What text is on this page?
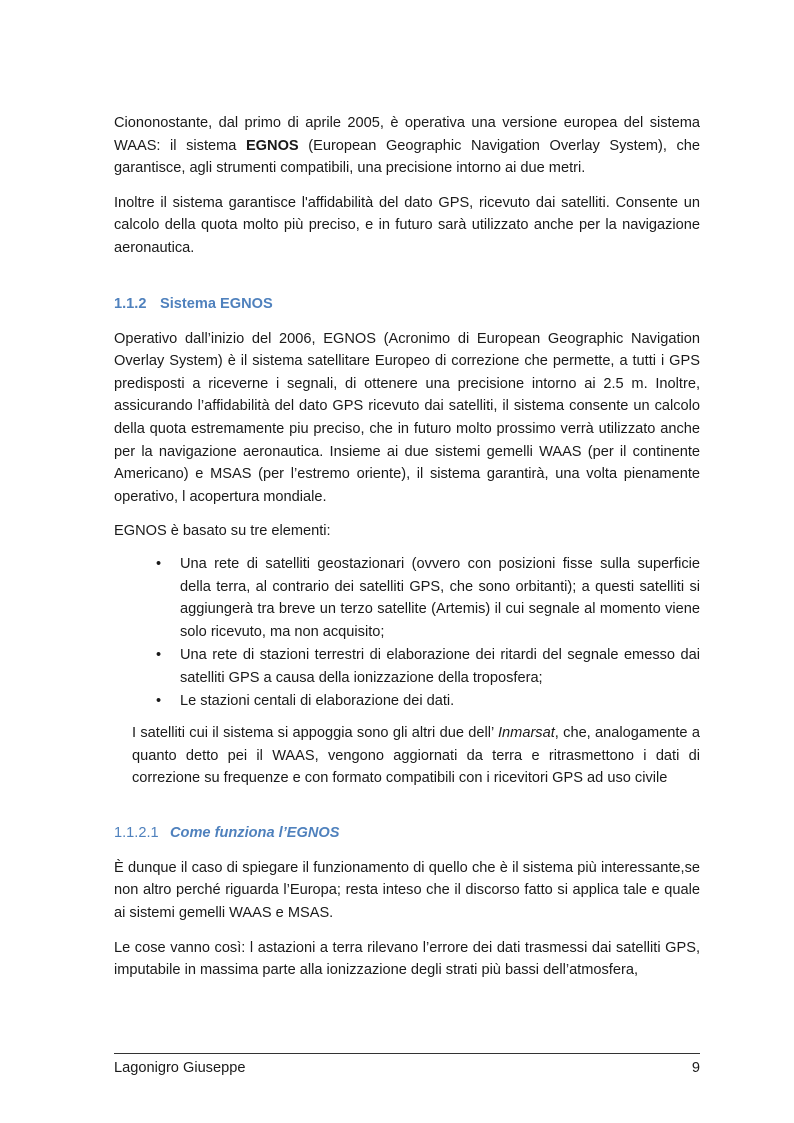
Ciononostante, dal primo di aprile 2005, è operativa una versione europea del sistema WAAS: il sistema EGNOS (European Geographic Navigation Overlay System), che garantisce, agli strumenti compatibili, una precisione intorno ai due metri.

Inoltre il sistema garantisce l'affidabilità del dato GPS, ricevuto dai satelliti. Consente un calcolo della quota molto più preciso, e in futuro sarà utilizzato anche per la navigazione aeronautica.

1.1.2 Sistema EGNOS

Operativo dall’inizio del 2006, EGNOS (Acronimo di European Geographic Navigation Overlay System) è il sistema satellitare Europeo di correzione che permette, a tutti i GPS predisposti a riceverne i segnali, di ottenere una precisione intorno ai 2.5 m. Inoltre, assicurando l’affidabilità del dato GPS ricevuto dai satelliti, il sistema consente un calcolo della quota estremamente piu preciso, che in futuro molto prossimo verrà utilizzato anche per la navigazione aeronautica. Insieme ai due sistemi gemelli WAAS (per il continente Americano) e MSAS (per l’estremo oriente), il sistema garantirà, una volta pienamente operativo, l acopertura mondiale.

EGNOS è basato su tre elementi:

• Una rete di satelliti geostazionari (ovvero con posizioni fisse sulla superficie della terra, al contrario dei satelliti GPS, che sono orbitanti); a questi satelliti si aggiungerà tra breve un terzo satellite (Artemis) il cui segnale al momento viene solo ricevuto, ma non acquisito;
• Una rete di stazioni terrestri di elaborazione dei ritardi del segnale emesso dai satelliti GPS a causa della ionizzazione della troposfera;
• Le stazioni centali di elaborazione dei dati.

I satelliti cui il sistema si appoggia sono gli altri due dell’ Inmarsat, che, analogamente a quanto detto pei il WAAS, vengono aggiornati da terra e ritrasmettono i dati di correzione su frequenze e con formato compatibili con i ricevitori GPS ad uso civile

1.1.2.1 Come funziona l’EGNOS

È dunque il caso di spiegare il funzionamento di quello che è il sistema più interessante,se non altro perché riguarda l’Europa; resta inteso che il discorso fatto si applica tale e quale ai sistemi gemelli WAAS e MSAS.

Le cose vanno così: l astazioni a terra rilevano l’errore dei dati trasmessi dai satelliti GPS, imputabile in massima parte alla ionizzazione degli strati più bassi dell’atmosfera,

Lagonigro Giuseppe	9
